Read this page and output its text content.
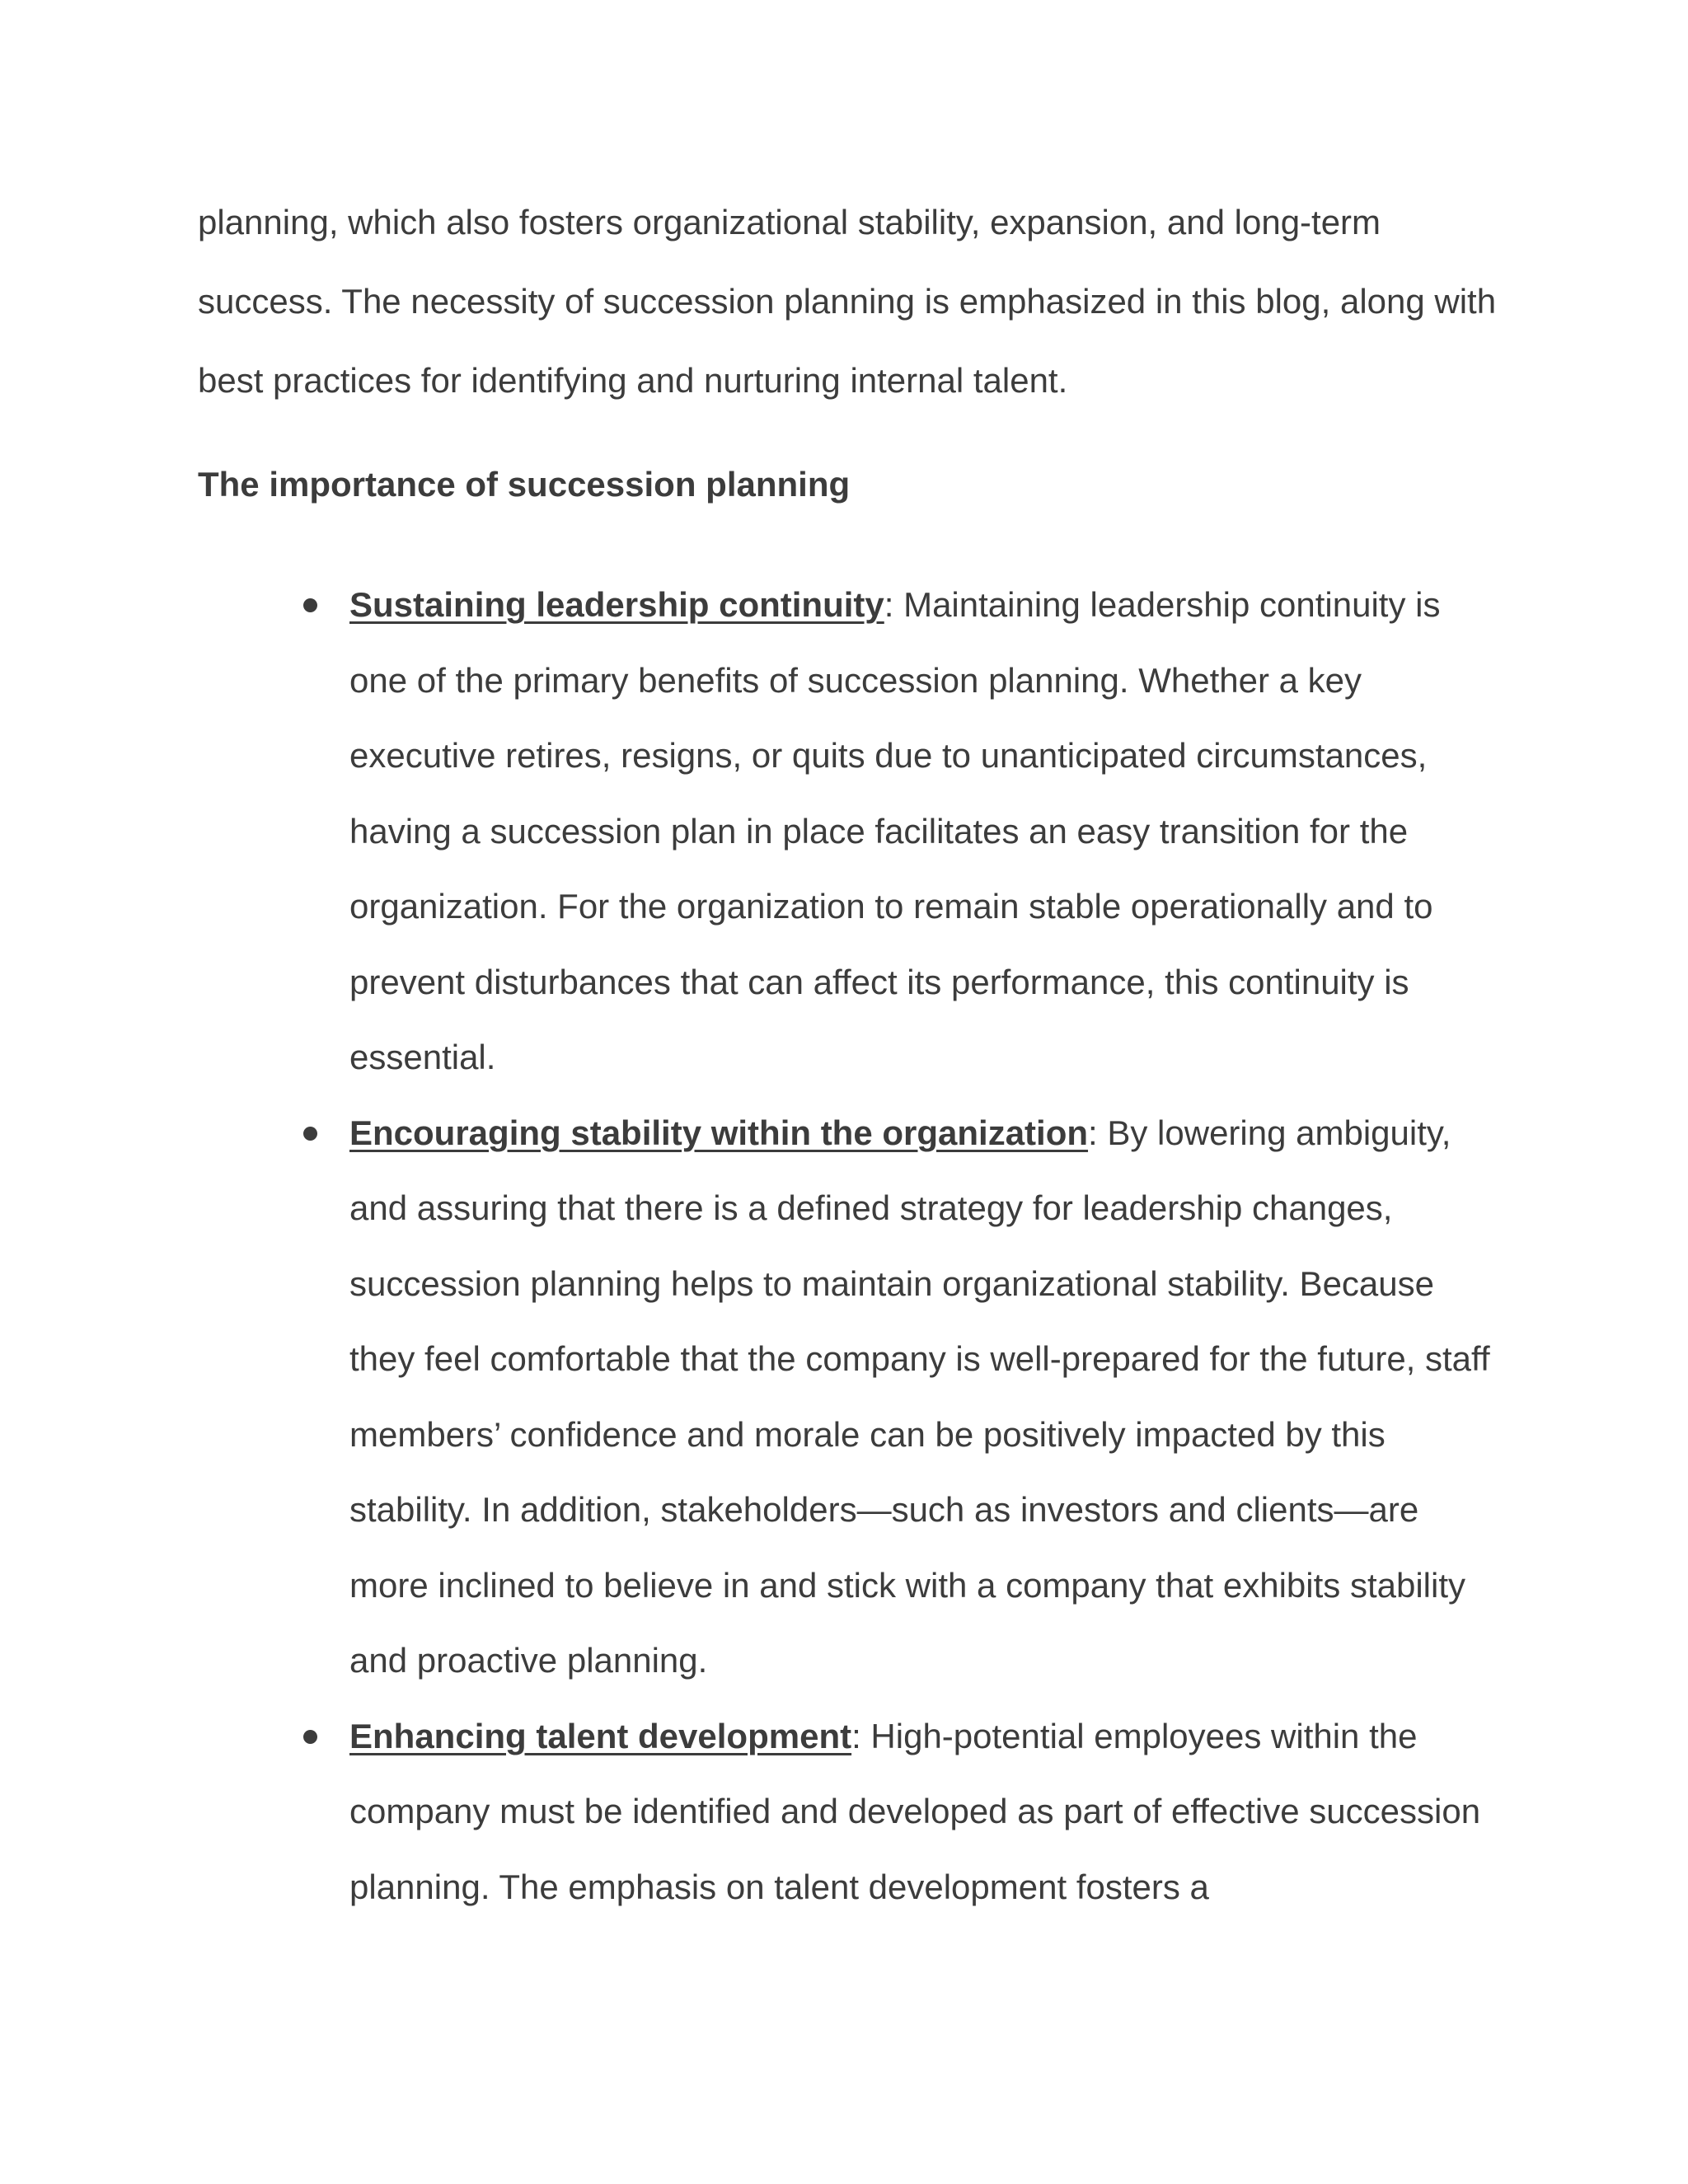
planning, which also fosters organizational stability, expansion, and long-term success. The necessity of succession planning is emphasized in this blog, along with best practices for identifying and nurturing internal talent.

The importance of succession planning
Sustaining leadership continuity: Maintaining leadership continuity is one of the primary benefits of succession planning. Whether a key executive retires, resigns, or quits due to unanticipated circumstances, having a succession plan in place facilitates an easy transition for the organization. For the organization to remain stable operationally and to prevent disturbances that can affect its performance, this continuity is essential.
Encouraging stability within the organization: By lowering ambiguity, and assuring that there is a defined strategy for leadership changes, succession planning helps to maintain organizational stability. Because they feel comfortable that the company is well-prepared for the future, staff members’ confidence and morale can be positively impacted by this stability. In addition, stakeholders—such as investors and clients—are more inclined to believe in and stick with a company that exhibits stability and proactive planning.
Enhancing talent development: High-potential employees within the company must be identified and developed as part of effective succession planning. The emphasis on talent development fosters a
